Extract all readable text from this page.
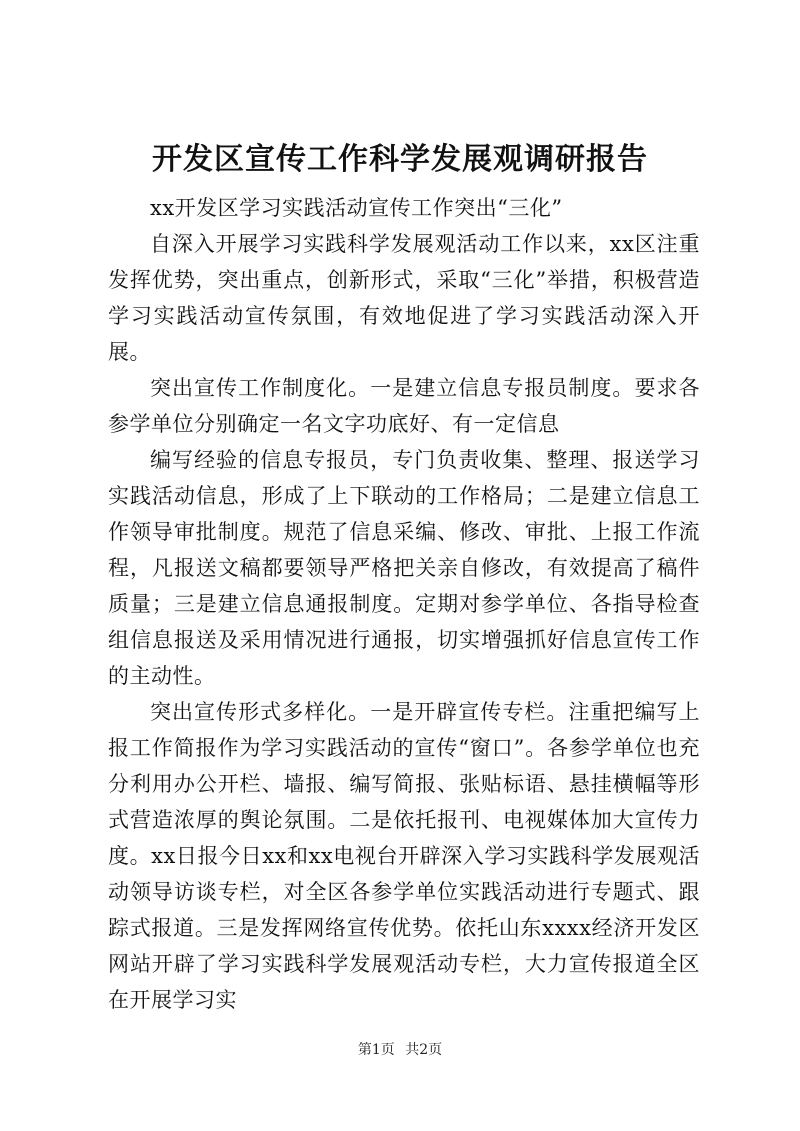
开发区宣传工作科学发展观调研报告

xx开发区学习实践活动宣传工作突出“三化”

自深入开展学习实践科学发展观活动工作以来，xx区注重发挥优势，突出重点，创新形式，采取“三化”举措，积极营造学习实践活动宣传氛围，有效地促进了学习实践活动深入开展。

突出宣传工作制度化。一是建立信息专报员制度。要求各参学单位分别确定一名文字功底好、有一定信息

编写经验的信息专报员，专门负责收集、整理、报送学习实践活动信息，形成了上下联动的工作格局；二是建立信息工作领导审批制度。规范了信息采编、修改、审批、上报工作流程，凡报送文稿都要领导严格把关亲自修改，有效提高了稿件质量；三是建立信息通报制度。定期对参学单位、各指导检查组信息报送及采用情况进行通报，切实增强抓好信息宣传工作的主动性。

突出宣传形式多样化。一是开辟宣传专栏。注重把编写上报工作简报作为学习实践活动的宣传“窗口”。各参学单位也充分利用办公开栏、墙报、编写简报、张贴标语、悬挂横幅等形式营造浓厚的舆论氛围。二是依托报刊、电视媒体加大宣传力度。xx日报今日xx和xx电视台开辟深入学习实践科学发展观活动领导访谈专栏，对全区各参学单位实践活动进行专题式、跟踪式报道。三是发挥网络宣传优势。依托山东xxxx经济开发区网站开辟了学习实践科学发展观活动专栏，大力宣传报道全区在开展学习实

第1页 共2页
